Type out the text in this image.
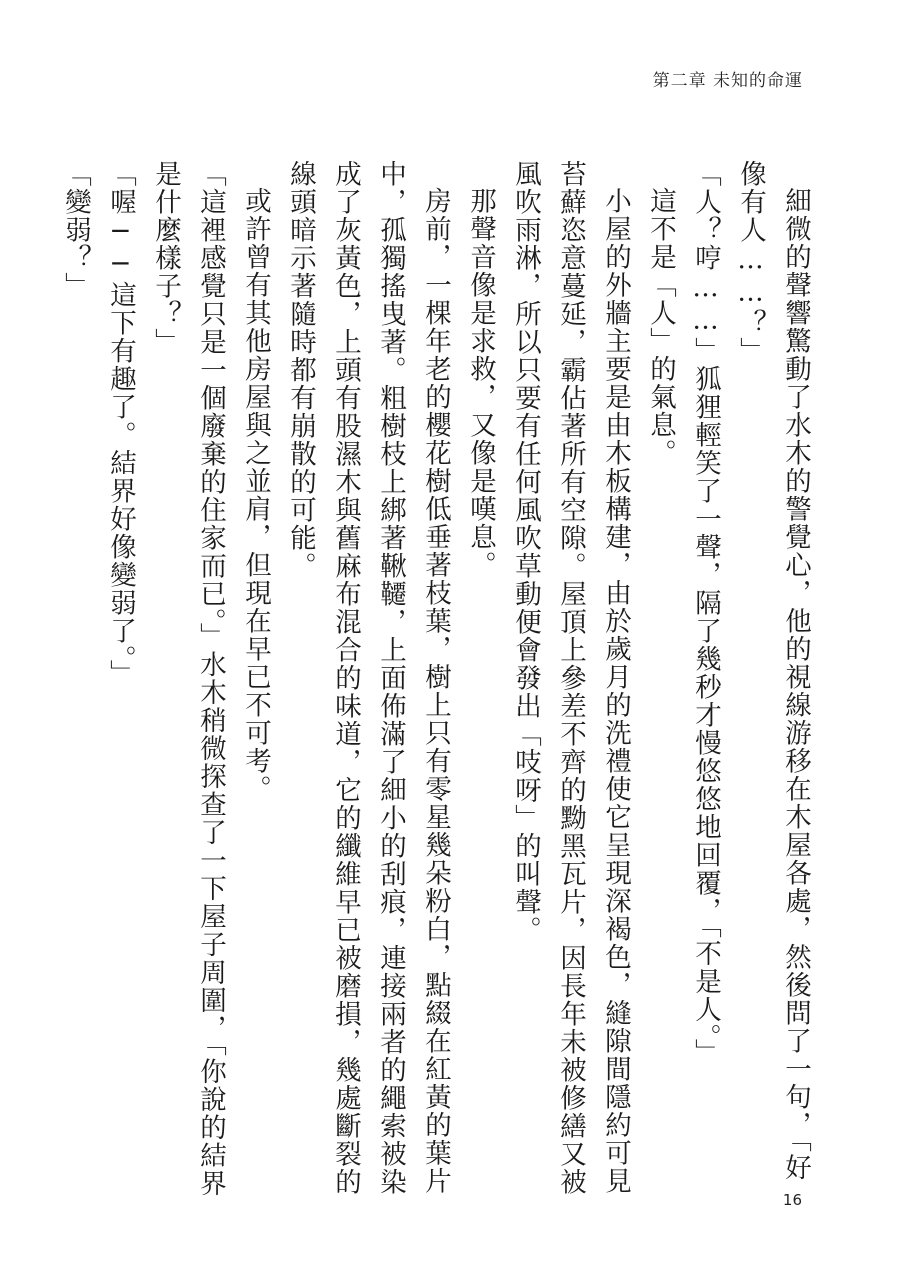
第二章 未知的命運

細微的聲響驚動了水木的警覺心，他的視線游移在木屋各處，然後問了一句，「好像有人……？」

「人？哼……」狐狸輕笑了一聲，隔了幾秒才慢悠悠地回覆，「不是人。」

這不是「人」的氣息。

小屋的外牆主要是由木板構建，由於歲月的洗禮使它呈現深褐色，縫隙間隱約可見苔蘚恣意蔓延，霸佔著所有空隙。屋頂上參差不齊的黝黑瓦片，因長年未被修繕又被風吹雨淋，所以只要有任何風吹草動便會發出「吱呀」的叫聲。

那聲音像是求救，又像是嘆息。

房前，一棵年老的櫻花樹低垂著枝葉，樹上只有零星幾朵粉白，點綴在紅黃的葉片中，孤獨搖曳著。粗樹枝上綁著鞦韆，上面佈滿了細小的刮痕，連接兩者的繩索被染成了灰黃色，上頭有股濕木與舊麻布混合的味道，它的纖維早已被磨損，幾處斷裂的線頭暗示著隨時都有崩散的可能。

或許曾有其他房屋與之並肩，但現在早已不可考。

「這裡感覺只是一個廢棄的住家而已。」水木稍微探查了一下屋子周圍，「你說的結界是什麼樣子？」

「喔──這下有趣了。結界好像變弱了。」

「變弱？」

16
